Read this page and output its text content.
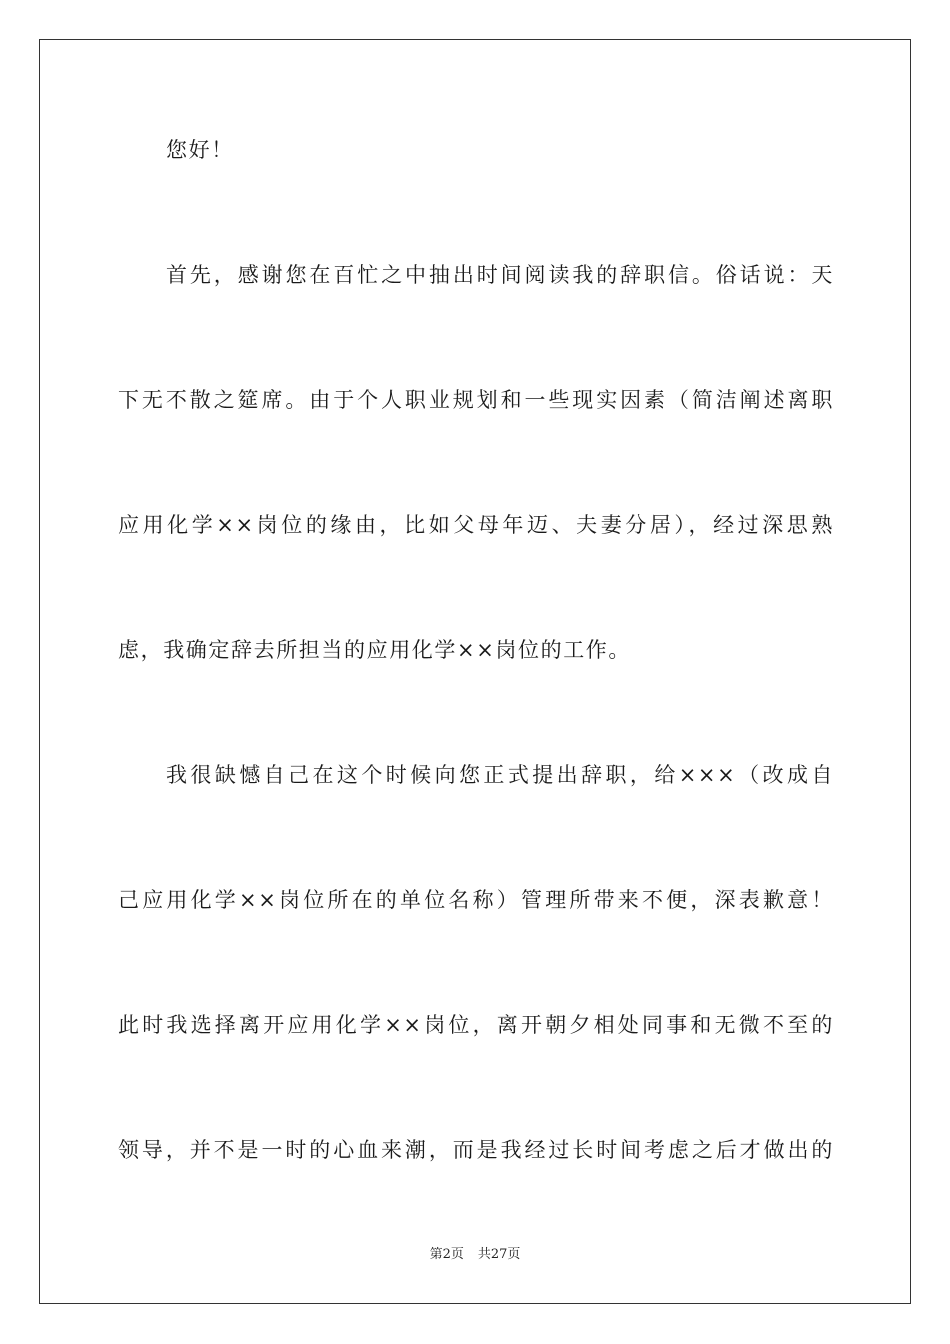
您好！
首先，感谢您在百忙之中抽出时间阅读我的辞职信。俗话说：天
下无不散之筵席。由于个人职业规划和一些现实因素（简洁阐述离职
应用化学××岗位的缘由，比如父母年迈、夫妻分居），经过深思熟
虑，我确定辞去所担当的应用化学××岗位的工作。
我很缺憾自己在这个时候向您正式提出辞职，给×××（改成自
己应用化学××岗位所在的单位名称）管理所带来不便，深表歉意！
此时我选择离开应用化学××岗位，离开朝夕相处同事和无微不至的
领导，并不是一时的心血来潮，而是我经过长时间考虑之后才做出的
第2页 共27页
